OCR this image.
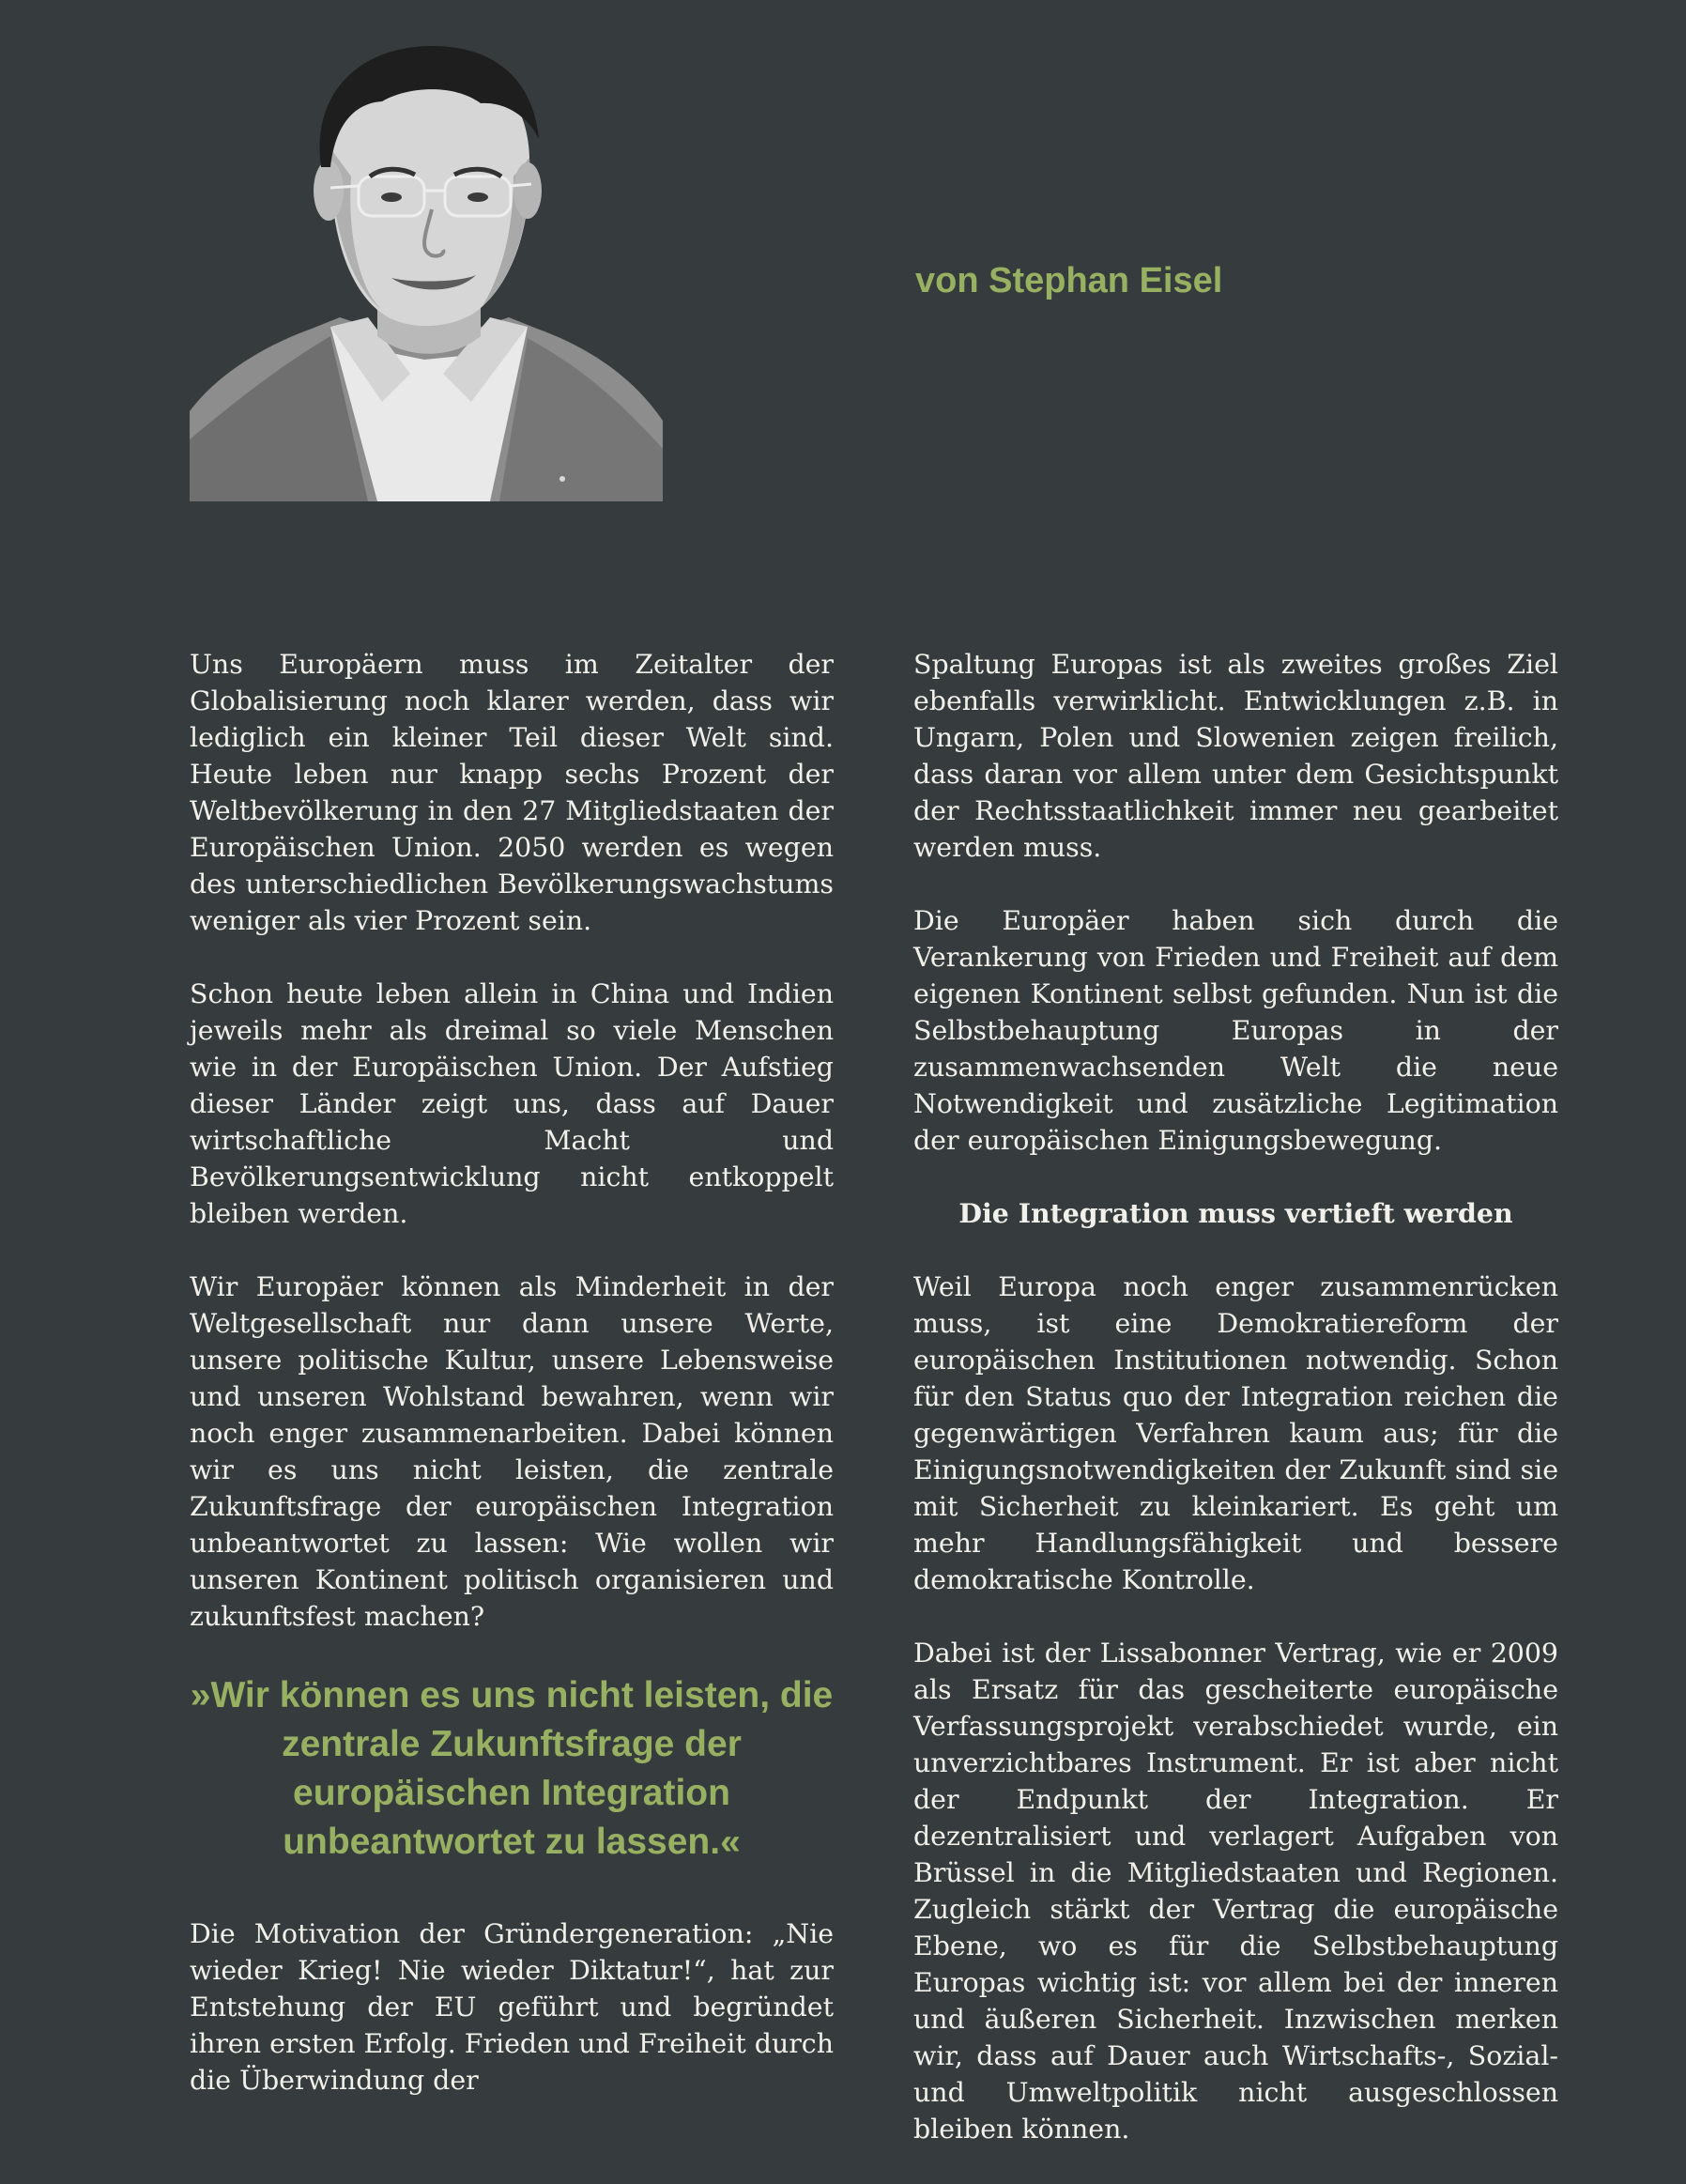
von Stephan Eisel

Uns Europäern muss im Zeitalter der Globalisierung noch klarer werden, dass wir lediglich ein kleiner Teil dieser Welt sind. Heute leben nur knapp sechs Prozent der Weltbevölkerung in den 27 Mitgliedstaaten der Europäischen Union. 2050 werden es wegen des unterschiedlichen Bevölkerungswachstums weniger als vier Prozent sein.

Schon heute leben allein in China und Indien jeweils mehr als dreimal so viele Menschen wie in der Europäischen Union. Der Aufstieg dieser Länder zeigt uns, dass auf Dauer wirtschaftliche Macht und Bevölkerungsentwicklung nicht entkoppelt bleiben werden.

Wir Europäer können als Minderheit in der Weltgesellschaft nur dann unsere Werte, unsere politische Kultur, unsere Lebensweise und unseren Wohlstand bewahren, wenn wir noch enger zusammenarbeiten. Dabei können wir es uns nicht leisten, die zentrale Zukunftsfrage der europäischen Integration unbeantwortet zu lassen: Wie wollen wir unseren Kontinent politisch organisieren und zukunftsfest machen?

»Wir können es uns nicht leisten, die zentrale Zukunftsfrage der europäischen Integration unbeantwortet zu lassen.«

Die Motivation der Gründergeneration: „Nie wieder Krieg! Nie wieder Diktatur!“, hat zur Entstehung der EU geführt und begründet ihren ersten Erfolg. Frieden und Freiheit durch die Überwindung der

Spaltung Europas ist als zweites großes Ziel ebenfalls verwirklicht. Entwicklungen z.B. in Ungarn, Polen und Slowenien zeigen freilich, dass daran vor allem unter dem Gesichtspunkt der Rechtsstaatlichkeit immer neu gearbeitet werden muss.

Die Europäer haben sich durch die Verankerung von Frieden und Freiheit auf dem eigenen Kontinent selbst gefunden. Nun ist die Selbstbehauptung Europas in der zusammenwachsenden Welt die neue Notwendigkeit und zusätzliche Legitimation der europäischen Einigungsbewegung.

Die Integration muss vertieft werden

Weil Europa noch enger zusammenrücken muss, ist eine Demokratiereform der europäischen Institutionen notwendig. Schon für den Status quo der Integration reichen die gegenwärtigen Verfahren kaum aus; für die Einigungsnotwendigkeiten der Zukunft sind sie mit Sicherheit zu kleinkariert. Es geht um mehr Handlungsfähigkeit und bessere demokratische Kontrolle.

Dabei ist der Lissabonner Vertrag, wie er 2009 als Ersatz für das gescheiterte europäische Verfassungsprojekt verabschiedet wurde, ein unverzichtbares Instrument. Er ist aber nicht der Endpunkt der Integration. Er dezentralisiert und verlagert Aufgaben von Brüssel in die Mitgliedstaaten und Regionen. Zugleich stärkt der Vertrag die europäische Ebene, wo es für die Selbstbehauptung Europas wichtig ist: vor allem bei der inneren und äußeren Sicherheit. Inzwischen merken wir, dass auf Dauer auch Wirtschafts-, Sozial- und Umweltpolitik nicht ausgeschlossen bleiben können.
